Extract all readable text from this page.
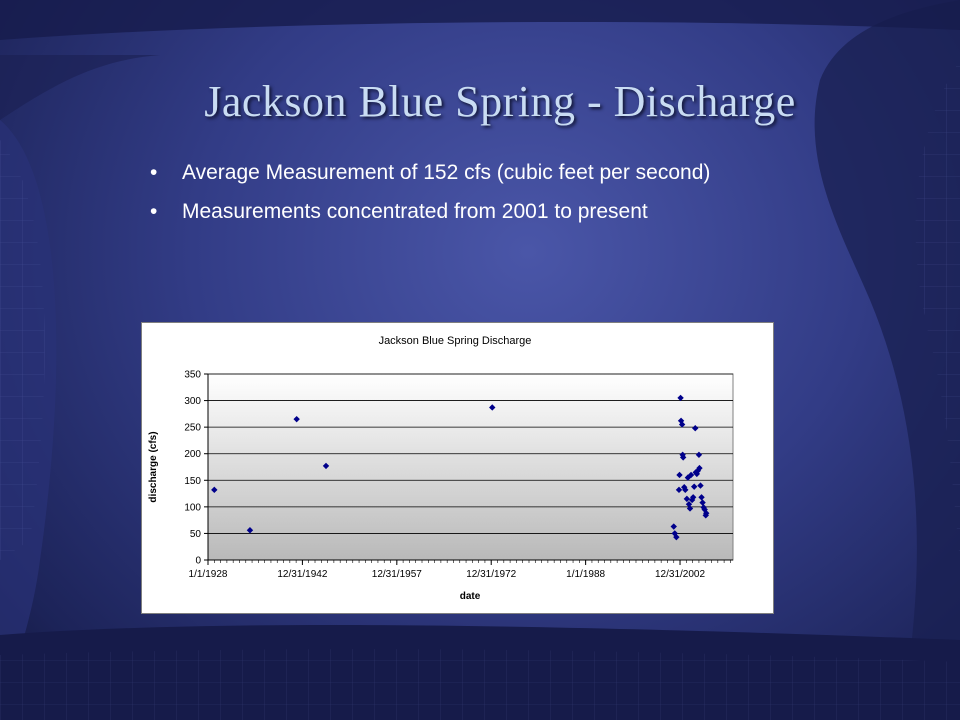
Jackson Blue Spring - Discharge
• Average Measurement of 152 cfs (cubic feet per second)
• Measurements concentrated from 2001 to present
Jackson Blue Spring Discharge
1/1/1928	12/31/1942	12/31/1957	12/31/1972	1/1/1988	12/31/2002
0
50
100
150
200
250
300
350
date
discharge (cfs)
